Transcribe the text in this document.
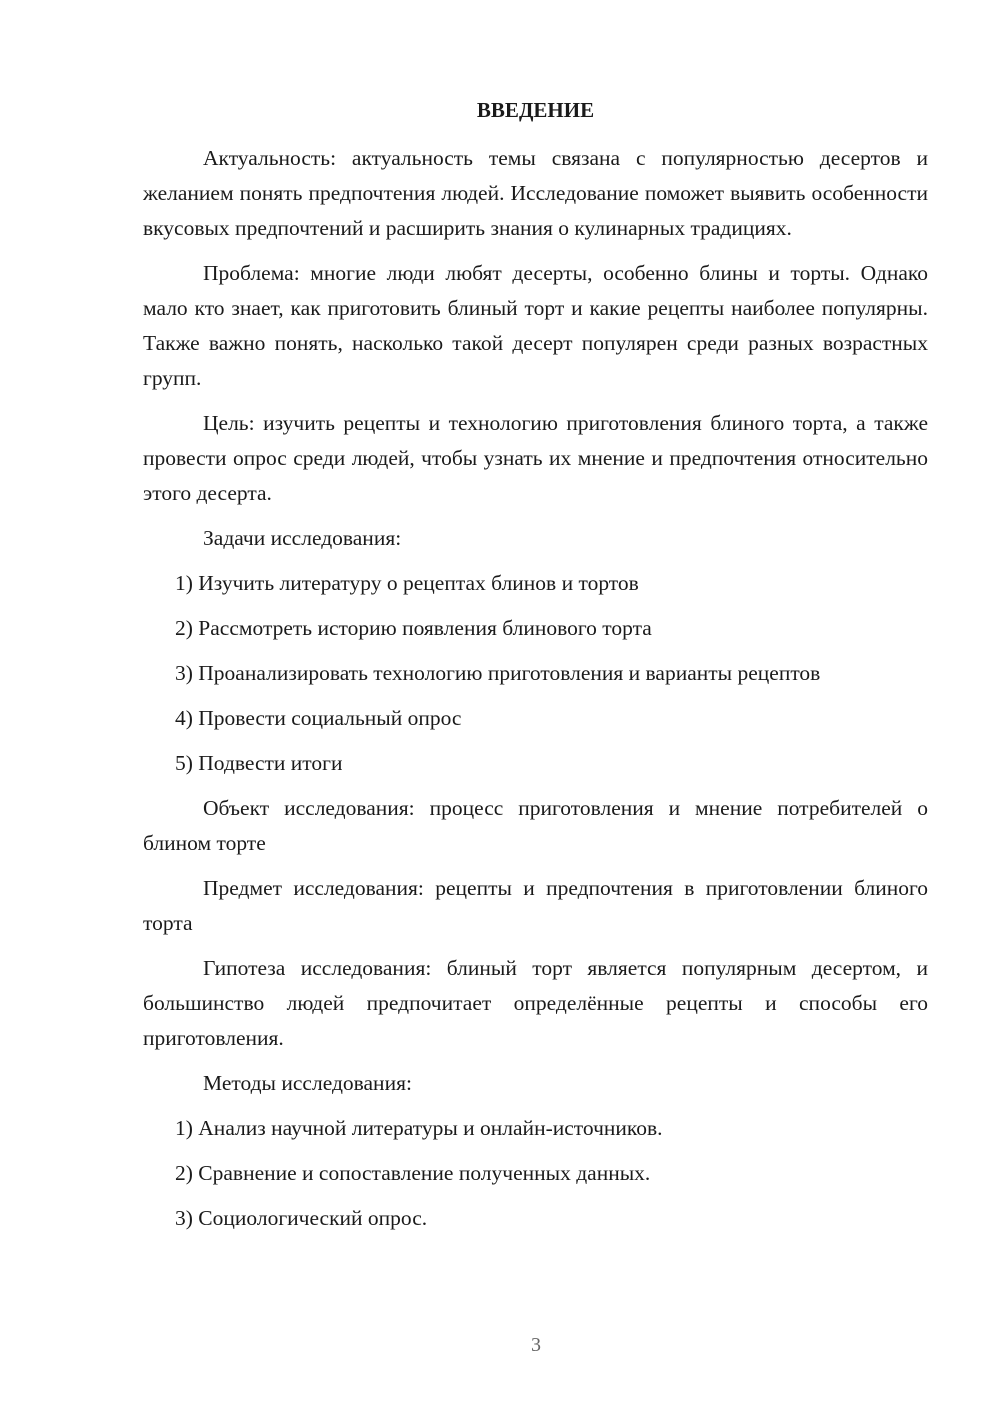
ВВЕДЕНИЕ

Актуальность: актуальность темы связана с популярностью десертов и желанием понять предпочтения людей. Исследование поможет выявить особенности вкусовых предпочтений и расширить знания о кулинарных традициях.

Проблема: многие люди любят десерты, особенно блины и торты. Однако мало кто знает, как приготовить блиный торт и какие рецепты наиболее популярны. Также важно понять, насколько такой десерт популярен среди разных возрастных групп.

Цель: изучить рецепты и технологию приготовления блиного торта, а также провести опрос среди людей, чтобы узнать их мнение и предпочтения относительно этого десерта.

Задачи исследования:

1) Изучить литературу о рецептах блинов и тортов

2) Рассмотреть историю появления блинового торта

3) Проанализировать технологию приготовления и варианты рецептов

4) Провести социальный опрос

5) Подвести итоги

Объект исследования: процесс приготовления и мнение потребителей о блином торте

Предмет исследования: рецепты и предпочтения в приготовлении блиного торта

Гипотеза исследования: блиный торт является популярным десертом, и большинство людей предпочитает определённые рецепты и способы его приготовления.

Методы исследования:

1) Анализ научной литературы и онлайн-источников.

2) Сравнение и сопоставление полученных данных.

3) Социологический опрос.

3
